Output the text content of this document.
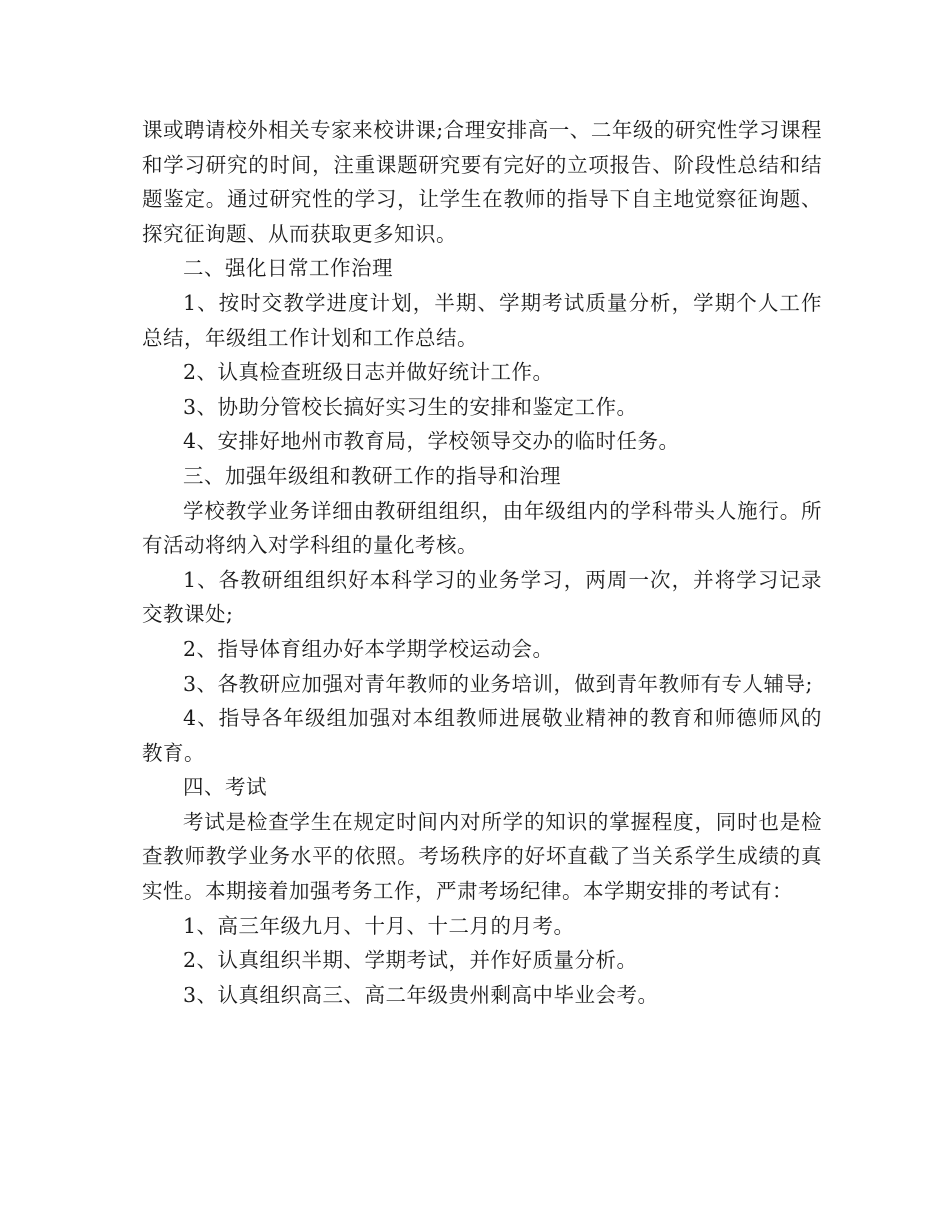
课或聘请校外相关专家来校讲课;合理安排高一、二年级的研究性学习课程和学习研究的时间，注重课题研究要有完好的立项报告、阶段性总结和结题鉴定。通过研究性的学习，让学生在教师的指导下自主地觉察征询题、探究征询题、从而获取更多知识。

二、强化日常工作治理

1、按时交教学进度计划，半期、学期考试质量分析，学期个人工作总结，年级组工作计划和工作总结。

2、认真检查班级日志并做好统计工作。

3、协助分管校长搞好实习生的安排和鉴定工作。

4、安排好地州市教育局，学校领导交办的临时任务。

三、加强年级组和教研工作的指导和治理

学校教学业务详细由教研组组织，由年级组内的学科带头人施行。所有活动将纳入对学科组的量化考核。

1、各教研组组织好本科学习的业务学习，两周一次，并将学习记录交教课处;

2、指导体育组办好本学期学校运动会。

3、各教研应加强对青年教师的业务培训，做到青年教师有专人辅导;

4、指导各年级组加强对本组教师进展敬业精神的教育和师德师风的教育。

四、考试

考试是检查学生在规定时间内对所学的知识的掌握程度，同时也是检查教师教学业务水平的依照。考场秩序的好坏直截了当关系学生成绩的真实性。本期接着加强考务工作，严肃考场纪律。本学期安排的考试有：

1、高三年级九月、十月、十二月的月考。

2、认真组织半期、学期考试，并作好质量分析。

3、认真组织高三、高二年级贵州剩高中毕业会考。
